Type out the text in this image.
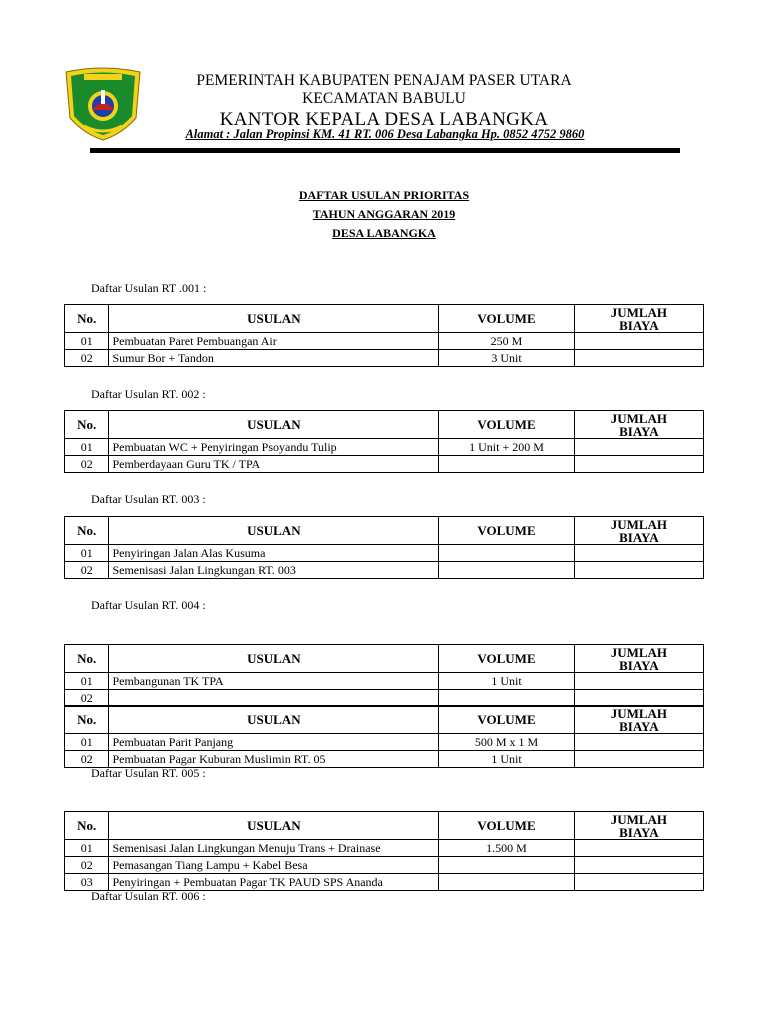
PEMERINTAH KABUPATEN PENAJAM PASER UTARA
KECAMATAN BABULU
KANTOR KEPALA DESA LABANGKA
Alamat : Jalan Propinsi KM. 41 RT. 006 Desa Labangka Hp. 0852 4752 9860
DAFTAR USULAN PRIORITAS
TAHUN ANGGARAN 2019
DESA LABANGKA
Daftar Usulan RT .001 :
No.	USULAN	VOLUME	JUMLAH
BIAYA

01	Pembuatan Paret Pembuangan Air	250 M	
02	Sumur Bor + Tandon	3 Unit	
Daftar Usulan RT. 002 :
No.	USULAN	VOLUME	JUMLAH
BIAYA

01	Pembuatan WC + Penyiringan Psoyandu Tulip	1 Unit + 200 M	
02	Pemberdayaan Guru TK / TPA		
Daftar Usulan RT. 003 :
No.	USULAN	VOLUME	JUMLAH
BIAYA

01	Penyiringan Jalan Alas Kusuma		
02	Semenisasi Jalan Lingkungan RT. 003		
Daftar Usulan RT. 004 :
No.	USULAN	VOLUME	JUMLAH
BIAYA

01	Pembangunan TK TPA	1 Unit	
02			
No.	USULAN	VOLUME	JUMLAH
BIAYA

01	Pembuatan Parit Panjang	500 M x 1 M	
02	Pembuatan Pagar Kuburan Muslimin RT. 05	1 Unit	
Daftar Usulan RT. 005 :
No.	USULAN	VOLUME	JUMLAH
BIAYA

01	Semenisasi Jalan Lingkungan Menuju Trans + Drainase	1.500 M	
02	Pemasangan Tiang Lampu + Kabel Besa		
03	Penyiringan + Pembuatan Pagar TK PAUD SPS Ananda		
Daftar Usulan RT. 006 :
